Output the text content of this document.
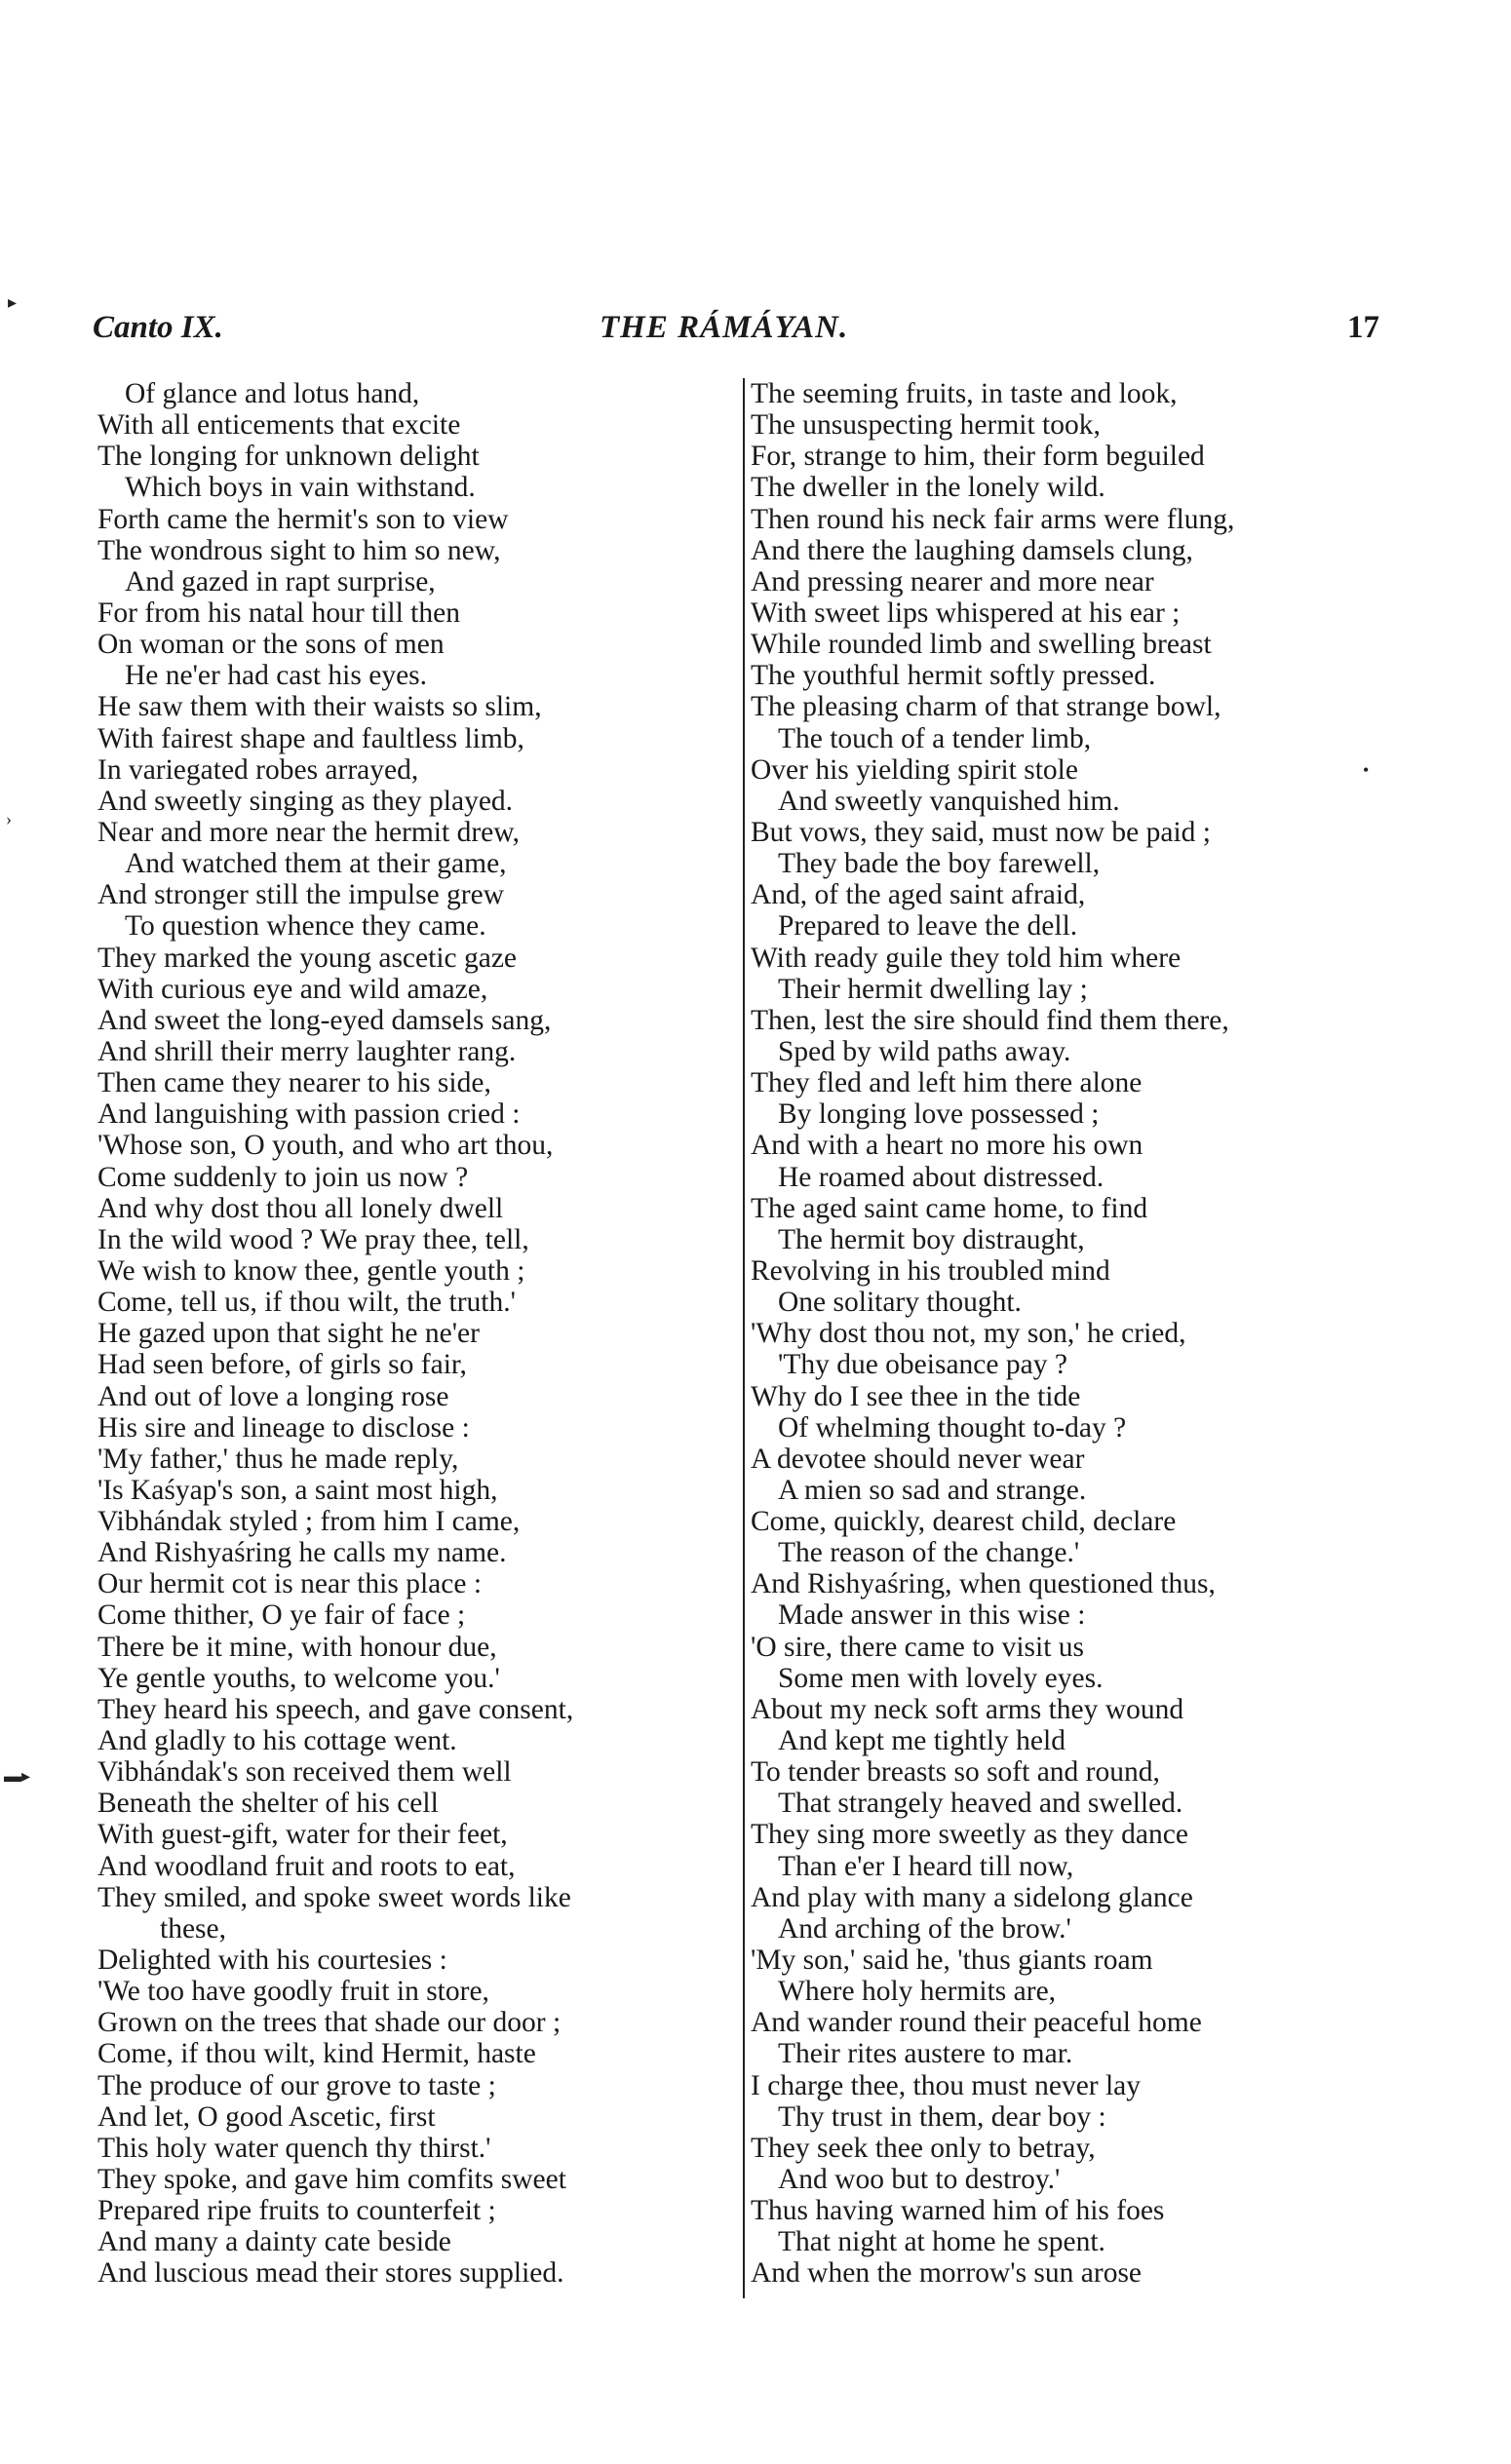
Canto IX.	THE RÁMÁYAN.	17
▸
›
▬▸
•
Of glance and lotus hand,
With all enticements that excite
The longing for unknown delight
Which boys in vain withstand.
Forth came the hermit's son to view
The wondrous sight to him so new,
And gazed in rapt surprise,
For from his natal hour till then
On woman or the sons of men
He ne'er had cast his eyes.
He saw them with their waists so slim,
With fairest shape and faultless limb,
In variegated robes arrayed,
And sweetly singing as they played.
Near and more near the hermit drew,
And watched them at their game,
And stronger still the impulse grew
To question whence they came.
They marked the young ascetic gaze
With curious eye and wild amaze,
And sweet the long-eyed damsels sang,
And shrill their merry laughter rang.
Then came they nearer to his side,
And languishing with passion cried :
'Whose son, O youth, and who art thou,
Come suddenly to join us now ?
And why dost thou all lonely dwell
In the wild wood ? We pray thee, tell,
We wish to know thee, gentle youth ;
Come, tell us, if thou wilt, the truth.'
He gazed upon that sight he ne'er
Had seen before, of girls so fair,
And out of love a longing rose
His sire and lineage to disclose :
'My father,' thus he made reply,
'Is Kaśyap's son, a saint most high,
Vibhándak styled ; from him I came,
And Rishyaśring he calls my name.
Our hermit cot is near this place :
Come thither, O ye fair of face ;
There be it mine, with honour due,
Ye gentle youths, to welcome you.'
They heard his speech, and gave consent,
And gladly to his cottage went.
Vibhándak's son received them well
Beneath the shelter of his cell
With guest-gift, water for their feet,
And woodland fruit and roots to eat,
They smiled, and spoke sweet words like
these,
Delighted with his courtesies :
'We too have goodly fruit in store,
Grown on the trees that shade our door ;
Come, if thou wilt, kind Hermit, haste
The produce of our grove to taste ;
And let, O good Ascetic, first
This holy water quench thy thirst.'
They spoke, and gave him comfits sweet
Prepared ripe fruits to counterfeit ;
And many a dainty cate beside
And luscious mead their stores supplied.
The seeming fruits, in taste and look,
The unsuspecting hermit took,
For, strange to him, their form beguiled
The dweller in the lonely wild.
Then round his neck fair arms were flung,
And there the laughing damsels clung,
And pressing nearer and more near
With sweet lips whispered at his ear ;
While rounded limb and swelling breast
The youthful hermit softly pressed.
The pleasing charm of that strange bowl,
The touch of a tender limb,
Over his yielding spirit stole
And sweetly vanquished him.
But vows, they said, must now be paid ;
They bade the boy farewell,
And, of the aged saint afraid,
Prepared to leave the dell.
With ready guile they told him where
Their hermit dwelling lay ;
Then, lest the sire should find them there,
Sped by wild paths away.
They fled and left him there alone
By longing love possessed ;
And with a heart no more his own
He roamed about distressed.
The aged saint came home, to find
The hermit boy distraught,
Revolving in his troubled mind
One solitary thought.
'Why dost thou not, my son,' he cried,
'Thy due obeisance pay ?
Why do I see thee in the tide
Of whelming thought to-day ?
A devotee should never wear
A mien so sad and strange.
Come, quickly, dearest child, declare
The reason of the change.'
And Rishyaśring, when questioned thus,
Made answer in this wise :
'O sire, there came to visit us
Some men with lovely eyes.
About my neck soft arms they wound
And kept me tightly held
To tender breasts so soft and round,
That strangely heaved and swelled.
They sing more sweetly as they dance
Than e'er I heard till now,
And play with many a sidelong glance
And arching of the brow.'
'My son,' said he, 'thus giants roam
Where holy hermits are,
And wander round their peaceful home
Their rites austere to mar.
I charge thee, thou must never lay
Thy trust in them, dear boy :
They seek thee only to betray,
And woo but to destroy.'
Thus having warned him of his foes
That night at home he spent.
And when the morrow's sun arose
